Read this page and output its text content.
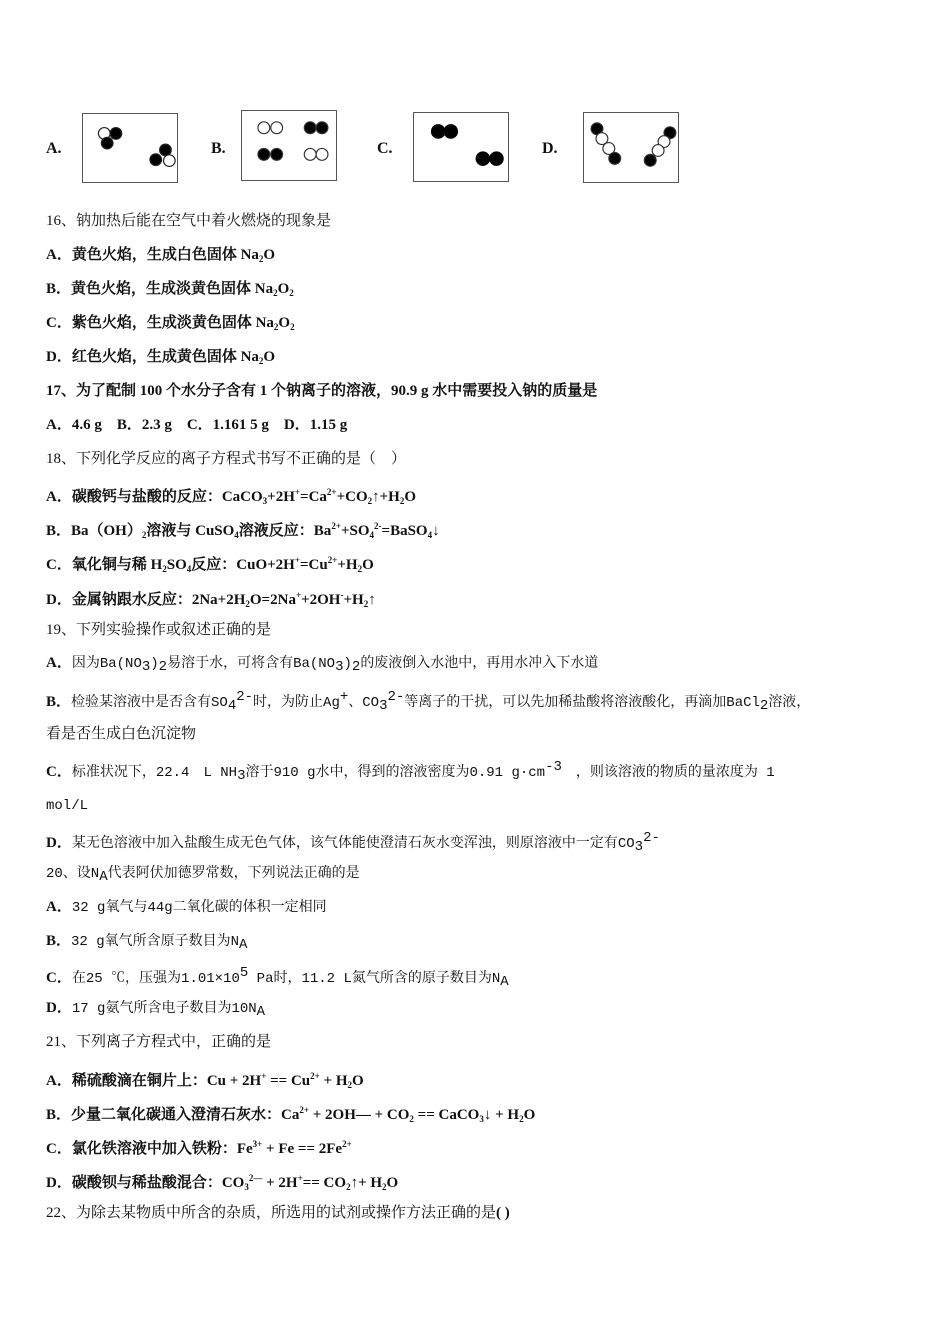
A.	B.	C.	D.
16、钠加热后能在空气中着火燃烧的现象是
A．黄色火焰，生成白色固体 $Na_2O$
B．黄色火焰，生成淡黄色固体 $Na_2O_2$
C．紫色火焰，生成淡黄色固体 $Na_2O_2$
D．红色火焰，生成黄色固体 $Na_2O$
17、为了配制 100 个水分子含有 1 个钠离子的溶液，90.9 g 水中需要投入钠的质量是
A．4.6 g　B．2.3 g　C．1.161 5 g　D．1.15 g
18、下列化学反应的离子方程式书写不正确的是（　）
A．碳酸钙与盐酸的反应：$CaCO_3+2H^+=Ca^{2+}+CO_2↑+H_2O$
B．$Ba(OH)_2$溶液与 CuSO$_4$溶液反应：$Ba^{2+}+SO_4^{2-}=BaSO_4↓$
C．氧化铜与稀 $H_2SO_4$反应：$CuO+2H^+=Cu^{2+}+H_2O$
D．金属钠跟水反应：$2Na+2H_2O=2Na^++2OH^-+H_2↑$
19、下列实验操作或叙述正确的是
A．因为Ba(NO3)2易溶于水，可将含有Ba(NO3)2的废液倒入水池中，再用水冲入下水道
B．检验某溶液中是否含有SO42-时，为防止Ag+、CO32-等离子的干扰，可以先加稀盐酸将溶液酸化，再滴加BaCl2溶液，
看是否生成白色沉淀物
C．标准状况下，22.4　L NH3溶于910 g水中，得到的溶液密度为0.91 g·cm-3　，则该溶液的物质的量浓度为 1
mol/L
D．某无色溶液中加入盐酸生成无色气体，该气体能使澄清石灰水变浑浊，则原溶液中一定有CO32-
20、设NA代表阿伏加德罗常数，下列说法正确的是
A．32 g氧气与44g二氧化碳的体积一定相同
B．32 g氧气所含原子数目为NA
C．在25 ℃，压强为1.01×105 Pa时，11.2 L氮气所含的原子数目为NA
D．17 g氨气所含电子数目为10NA
21、下列离子方程式中，正确的是
A．稀硫酸滴在铜片上：$Cu + 2H^+ == Cu^{2+} + H_2O$
B．少量二氧化碳通入澄清石灰水：$Ca^{2+}$ + 2OH— + $CO_2$ == CaCO$_3$↓ + $H_2O$
C．氯化铁溶液中加入铁粉：$Fe^{3+} + Fe == 2Fe^{2+}$
D．碳酸钡与稀盐酸混合：$CO_3^{2—} + 2H^+==$ $CO_2↑+ H_2O$
22、为除去某物质中所含的杂质，所选用的试剂或操作方法正确的是( )
